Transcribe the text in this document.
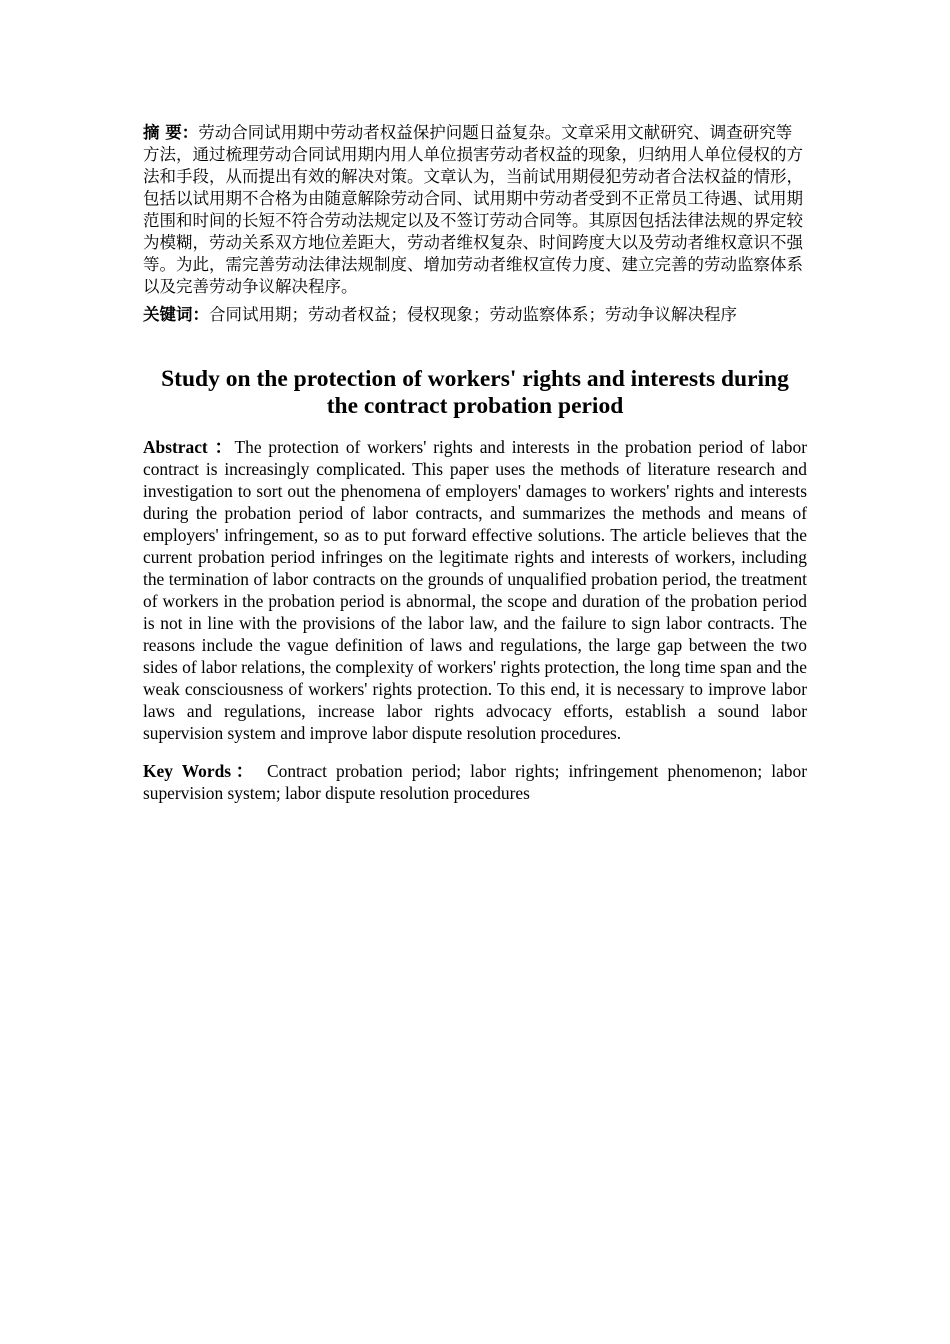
摘 要：劳动合同试用期中劳动者权益保护问题日益复杂。文章采用文献研究、调查研究等方法，通过梳理劳动合同试用期内用人单位损害劳动者权益的现象，归纳用人单位侵权的方法和手段，从而提出有效的解决对策。文章认为，当前试用期侵犯劳动者合法权益的情形，包括以试用期不合格为由随意解除劳动合同、试用期中劳动者受到不正常员工待遇、试用期范围和时间的长短不符合劳动法规定以及不签订劳动合同等。其原因包括法律法规的界定较为模糊，劳动关系双方地位差距大，劳动者维权复杂、时间跨度大以及劳动者维权意识不强等。为此，需完善劳动法律法规制度、增加劳动者维权宣传力度、建立完善的劳动监察体系以及完善劳动争议解决程序。

关键词：合同试用期；劳动者权益；侵权现象；劳动监察体系；劳动争议解决程序

Study on the protection of workers' rights and interests during the contract probation period

Abstract ：The protection of workers' rights and interests in the probation period of labor contract is increasingly complicated. This paper uses the methods of literature research and investigation to sort out the phenomena of employers' damages to workers' rights and interests during the probation period of labor contracts, and summarizes the methods and means of employers' infringement, so as to put forward effective solutions. The article believes that the current probation period infringes on the legitimate rights and interests of workers, including the termination of labor contracts on the grounds of unqualified probation period, the treatment of workers in the probation period is abnormal, the scope and duration of the probation period is not in line with the provisions of the labor law, and the failure to sign labor contracts. The reasons include the vague definition of laws and regulations, the large gap between the two sides of labor relations, the complexity of workers' rights protection, the long time span and the weak consciousness of workers' rights protection. To this end, it is necessary to improve labor laws and regulations, increase labor rights advocacy efforts, establish a sound labor supervision system and improve labor dispute resolution procedures.

Key Words： Contract probation period; labor rights; infringement phenomenon; labor supervision system; labor dispute resolution procedures
